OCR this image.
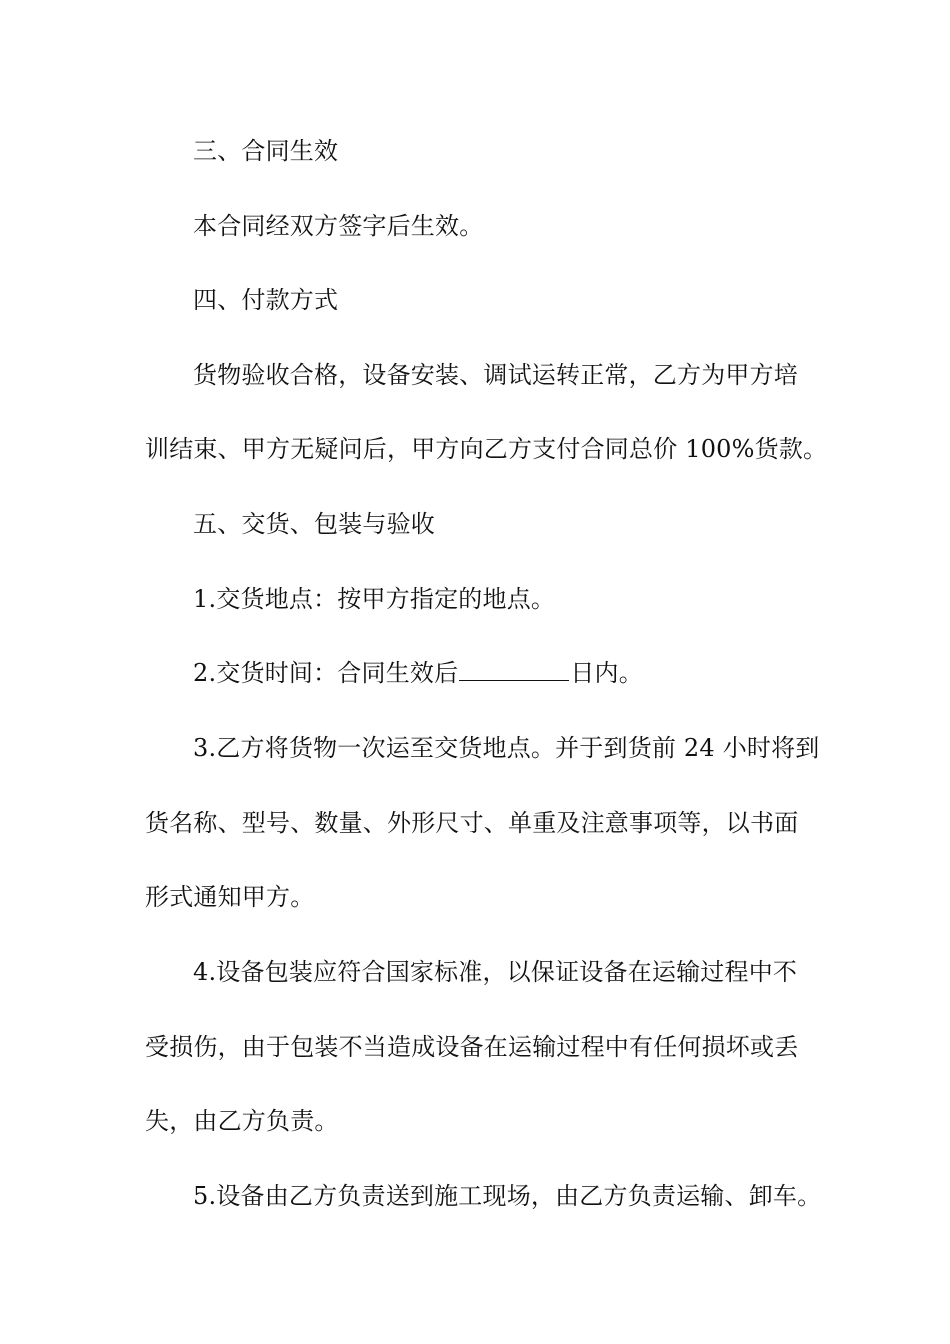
三、合同生效
本合同经双方签字后生效。
四、付款方式
货物验收合格，设备安装、调试运转正常，乙方为甲方培
训结束、甲方无疑问后，甲方向乙方支付合同总价 100%货款。
五、交货、包装与验收
1.交货地点：按甲方指定的地点。
2.交货时间：合同生效后	日内。
3.乙方将货物一次运至交货地点。并于到货前 24 小时将到
货名称、型号、数量、外形尺寸、单重及注意事项等，以书面
形式通知甲方。
4.设备包装应符合国家标准，以保证设备在运输过程中不
受损伤，由于包装不当造成设备在运输过程中有任何损坏或丢
失，由乙方负责。
5.设备由乙方负责送到施工现场，由乙方负责运输、卸车。
